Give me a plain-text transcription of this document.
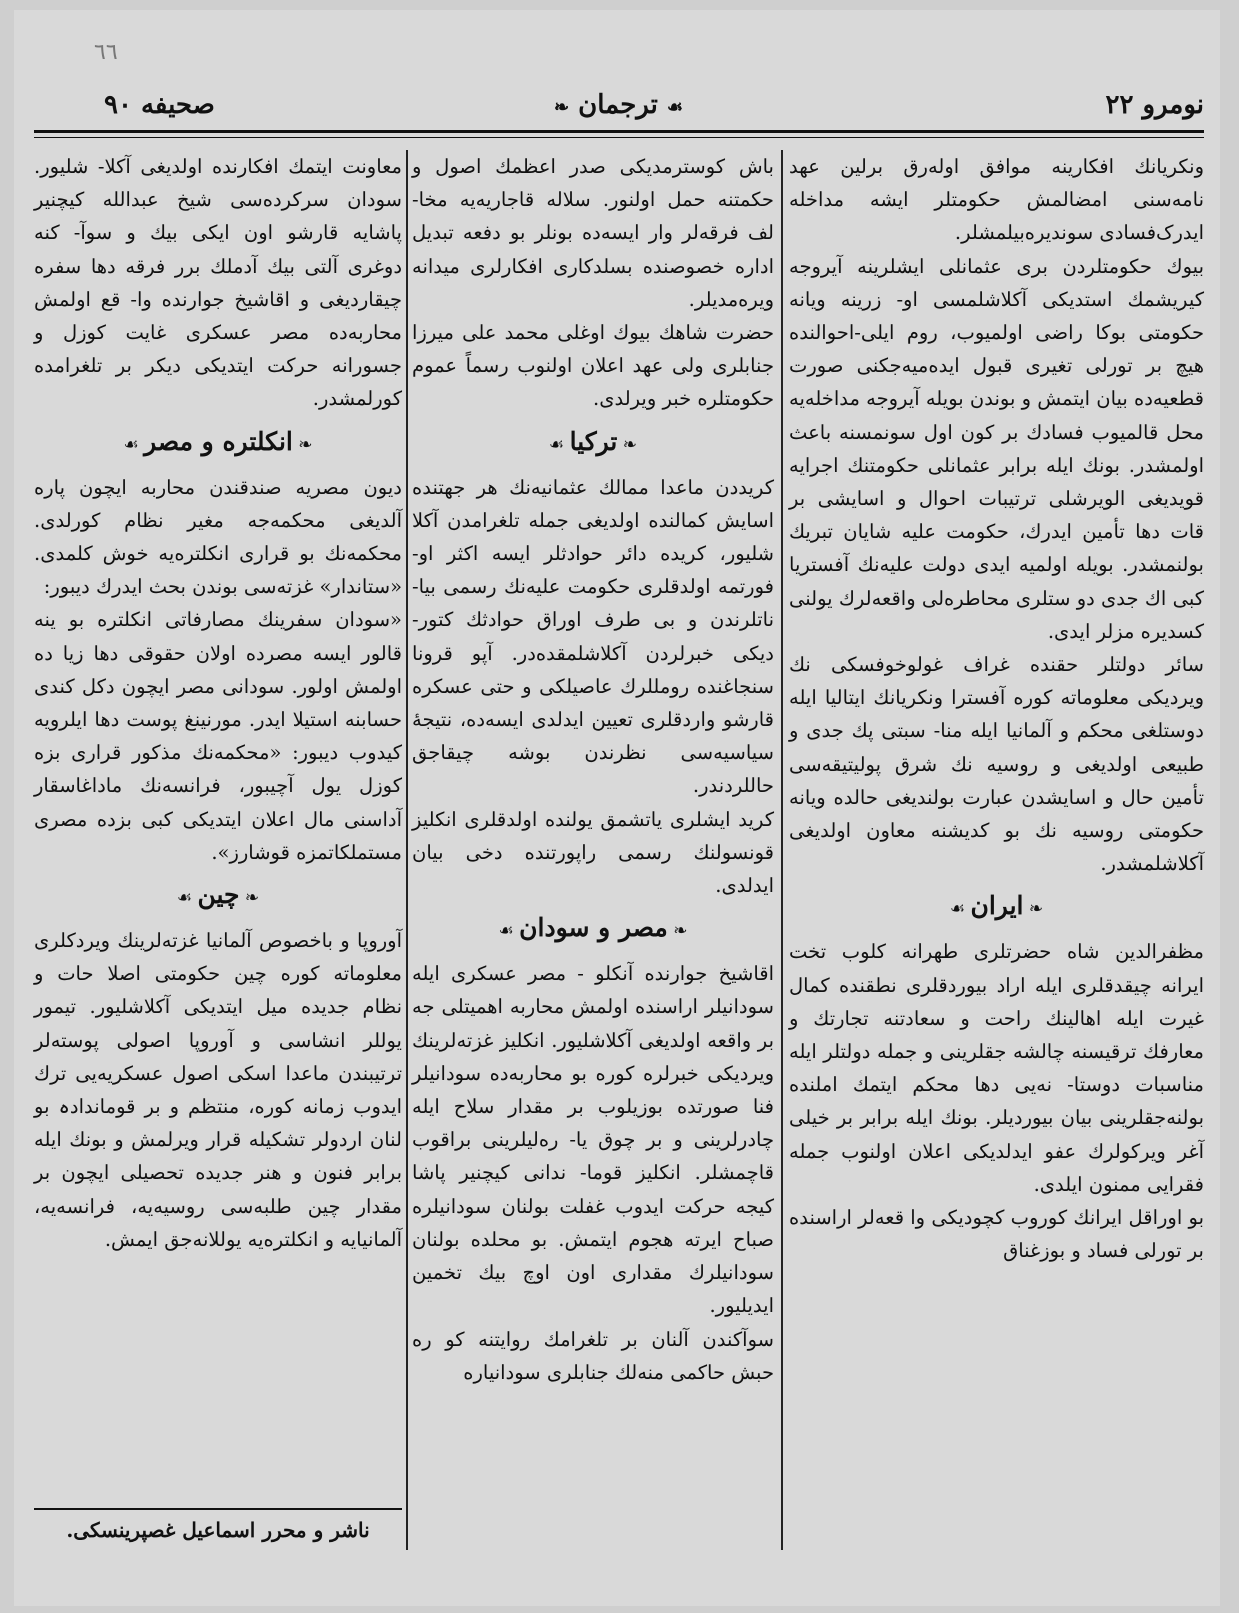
٦٦
صحیفه ٩٠	❧ ترجمان ☙	نومرو ٢٢

ونکریانك افکارینه موافق اوله‌رق برلین عهد نامه‌سنی امضالمش حکومتلر ایشه مداخله ایدرک‌فسادی سوندیره‌بیلمشلر.

بیوك حکومتلردن بری عثمانلی ایشلرینه آیروجه کیریشمك استدیکی آکلاشلمسی او- زرینه ویانه حکومتی بوکا راضی اولمیوب، روم ایلی-احوالنده هیچ بر تورلی تغیری قبول ایده‌میه‌جکنی صورت قطعیه‌ده بیان ایتمش و بوندن بویله آیروجه مداخله‌یه محل قالمیوب فسادك بر کون اول سونمسنه باعث اولمشدر. بونك ایله برابر عثمانلی حکومتنك اجرایه قویدیغی الویرشلی ترتیبات احوال و اسایشی بر قات دها تأمین ایدرك، حکومت علیه شایان تبریك بولنمشدر. بویله اولمیه ایدی دولت علیه‌نك آفستریا کبی اك جدی دو ستلری محاطره‌لی واقعه‌لرك یولنی کسدیره مزلر ایدی.

سائر دولتلر حقنده غراف غولوخوفسکی نك ویردیکی معلوماته کوره آفسترا ونکریانك ایتالیا ایله دوستلغی محکم و آلمانیا ایله منا- سبتی پك جدی و طبیعی اولدیغی و روسیه نك شرق پولیتیقه‌سی تأمین حال و اسایشدن عبارت بولندیغی حالده ویانه حکومتی روسیه نك بو کدیشنه معاون اولدیغی آکلاشلمشدر.

❧ ایران ☙

مظفرالدین شاه حضرتلری طهرانه کلوب تخت ایرانه چیقدقلری ایله اراد بیوردقلری نطقنده کمال غیرت ایله اهالینك راحت و سعادتنه تجارتك و معارفك ترقیسنه چالشه جقلرینی و جمله دولتلر ایله مناسبات دوستا- نه‌یی دها محکم ایتمك املنده بولنه‌جقلرینی بیان بیوردیلر. بونك ایله برابر بر خیلی آغر ویرکولرك عفو ایدلدیکی اعلان اولنوب جمله فقرایی ممنون ایلدی.

بو اوراقل ایرانك کوروب کچودیکی وا قعه‌لر اراسنده بر تورلی فساد و بوزغناق

باش کوسترمدیکی صدر اعظمك اصول و حکمتنه حمل اولنور. سلاله قاجاریه‌یه مخا- لف فرقه‌لر وار ایسه‌ده بونلر بو دفعه تبدیل اداره خصوصنده بسلدکاری افکارلری میدانه ویره‌مدیلر.

حضرت شاهك بیوك اوغلی محمد علی میرزا جنابلری ولی عهد اعلان اولنوب رسماً عموم حکومتلره خبر ویرلدی.

❧ ترکیا ☙

کریددن ماعدا ممالك عثمانیه‌نك هر جهتنده اسایش کمالنده اولدیغی جمله تلغرامدن آکلا شلیور، کریده دائر حوادثلر ایسه اکثر او- فورتمه اولدقلری حکومت علیه‌نك رسمی بیا- ناتلرندن و بی طرف اوراق حوادثك کتور- دیکی خبرلردن آکلاشلمقده‌در. آپو قرونا سنجاغنده رومللرك عاصیلکی و حتی عسکره قارشو واردقلری تعیین ایدلدی ایسه‌ده، نتیجهٔ سیاسیه‌سی نظرندن بوشه چیقاجق حاللردندر.

کرید ایشلری یاتشمق یولنده اولدقلری انکلیز قونسولنك رسمی راپورتنده دخی بیان ایدلدی.

❧ مصر و سودان ☙

اقاشیخ جوارنده آنکلو - مصر عسکری ایله سودانیلر اراسنده اولمش محاربه اهمیتلی جه بر واقعه اولدیغی آکلاشلیور. انکلیز غزته‌لرینك ویردیکی خبرلره کوره بو محاربه‌ده سودانیلر فنا صورتده بوزیلوب بر مقدار سلاح ایله چادرلرینی و بر چوق یا- ره‌لیلرینی براقوب قاچمشلر. انکلیز قوما- ندانی کیچنیر پاشا کیجه حرکت ایدوب غفلت بولنان سودانیلره صباح ایرته هجوم ایتمش. بو محلده بولنان سودانیلرك مقداری اون اوچ بیك تخمین ایدیلیور.

سوآکندن آلنان بر تلغرامك روایتنه کو ره حبش حاکمی منه‌لك جنابلری سودانیاره

معاونت ایتمك افکارنده اولدیغی آکلا- شلیور. سودان سرکرده‌سی شیخ عبدالله کیچنیر پاشایه قارشو اون ایکی بیك و سوآ- کنه دوغری آلتی بیك آدملك برر فرقه دها سفره چیقاردیغی و اقاشیخ جوارنده وا- قع اولمش محاربه‌ده مصر عسکری غایت کوزل و جسورانه حرکت ایتدیکی دیکر بر تلغرامده کورلمشدر.

❧ انکلتره و مصر ☙

دیون مصریه صندقندن محاربه ایچون پاره آلدیغی محکمه‌جه مغیر نظام کورلدی. محکمه‌نك بو قراری انکلتره‌یه خوش کلمدی. «ستاندار» غزته‌سی بوندن بحث ایدرك دیبور:

«سودان سفرینك مصارفاتی انکلتره بو ینه قالور ایسه مصرده اولان حقوقی دها زیا ده اولمش اولور. سودانی مصر ایچون دکل کندی حسابنه استیلا ایدر. مورنینغ پوست دها ایلرویه کیدوب دیبور: «محکمه‌نك مذکور قراری بزه کوزل یول آچیبور، فرانسه‌نك ماداغاسقار آداسنی مال اعلان ایتدیکی کبی بزده مصری مستملکاتمزه قوشارز».

❧ چین ☙

آوروپا و باخصوص آلمانیا غزته‌لرینك ویردکلری معلوماته کوره چین حکومتی اصلا حات و نظام جدیده میل ایتدیکی آکلاشلیور. تیمور یوللر انشاسی و آوروپا اصولی پوسته‌لر ترتیبندن ماعدا اسکی اصول عسکریه‌یی ترك ایدوب زمانه کوره، منتظم و بر قوماندادہ بو لنان اردولر تشکیله قرار ویرلمش و بونك ایله برابر فنون و هنر جدیده تحصیلی ایچون بر مقدار چین طلبه‌سی روسیه‌یه، فرانسه‌یه، آلمانیایه و انکلتره‌یه یوللانه‌جق ایمش.

ناشر و محرر اسماعیل غصپرینسکی.
